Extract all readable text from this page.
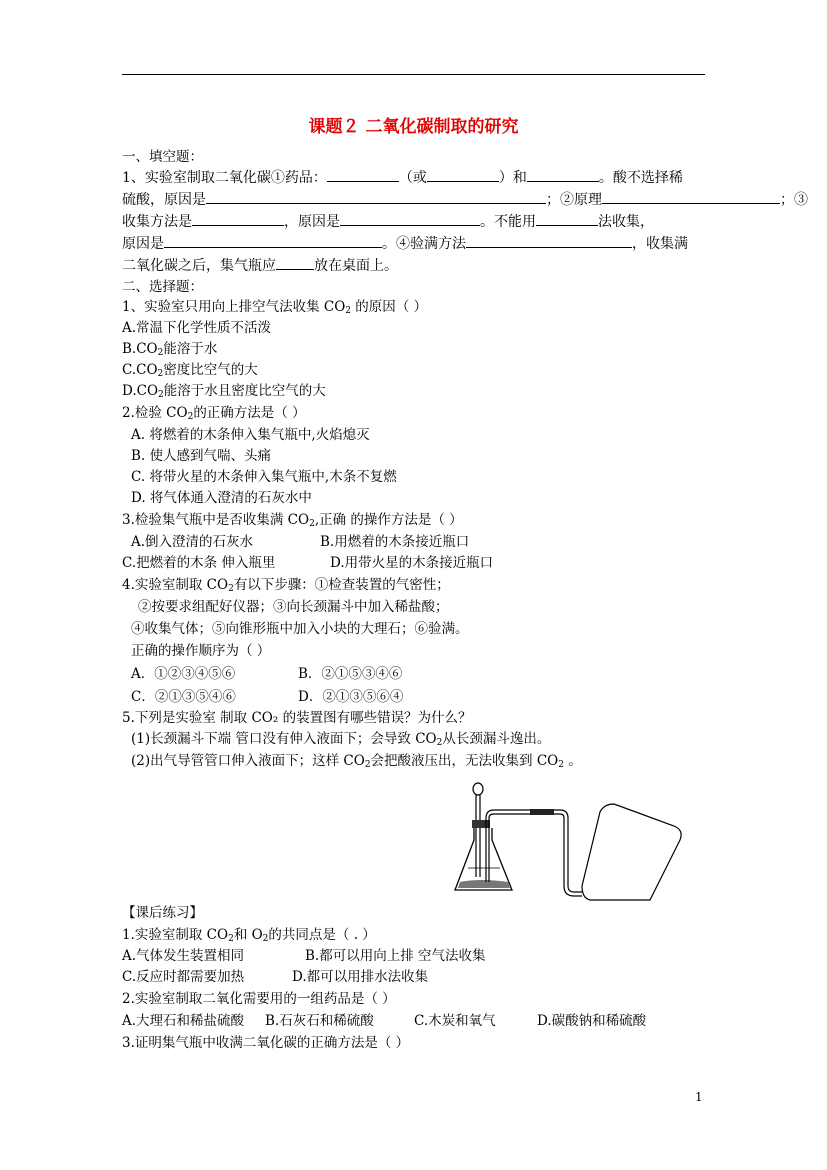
课题２ 二氧化碳制取的研究
一、填空题：
1、实验室制取二氧化碳①药品：	（或	）和	。酸不选择稀
硫酸，原因是	；②原理	；③
收集方法是	，原因是	。不能用	法收集，
原因是	。④验满方法	，收集满
二氧化碳之后，集气瓶应	放在桌面上。
二、选择题：
1、实验室只用向上排空气法收集 $CO_2$ 的原因（ ）
A.常温下化学性质不活泼
$B.CO_2$能溶于水
$C.CO_2$密度比空气的大
$D.CO_2$能溶于水且密度比空气的大
2.检验 $CO_2$的正确方法是（ ）
A. 将燃着的木条伸入集气瓶中,火焰熄灭
B. 使人感到气喘、头痛
C. 将带火星的木条伸入集气瓶中,木条不复燃
D. 将气体通入澄清的石灰水中
3.检验集气瓶中是否收集满 $CO_2$,正确 的操作方法是（ ）
A.倒入澄清的石灰水	B.用燃着的木条接近瓶口
C.把燃着的木条 伸入瓶里	D.用带火星的木条接近瓶口
4.实验室制取 $CO_2$有以下步骤：①检查装置的气密性；
②按要求组配好仪器；③向长颈漏斗中加入稀盐酸；
④收集气体；⑤向锥形瓶中加入小块的大理石；⑥验满。
正确的操作顺序为（ ）
A．①②③④⑤⑥	B．②①⑤③④⑥
C．②①③⑤④⑥	D．②①③⑤⑥④
5.下列是实验室 制取 CO₂ 的装置图有哪些错误？为什么？
(1)长颈漏斗下端 管口没有伸入液面下；会导致 $CO_2$从长颈漏斗逸出。
(2)出气导管管口伸入液面下；这样 $CO_2$会把酸液压出，无法收集到 $CO_2$ 。
【课后练习】
1.实验室制取 $CO_2$和 $O_2$的共同点是（ . ）
A.气体发生装置相同	B.都可以用向上排 空气法收集
C.反应时都需要加热	D.都可以用排水法收集
2.实验室制取二氧化需要用的一组药品是（ ）
A.大理石和稀盐硫酸 B.石灰石和稀硫酸	C.木炭和氧气	D.碳酸钠和稀硫酸
3.证明集气瓶中收满二氧化碳的正确方法是（ ）
1
